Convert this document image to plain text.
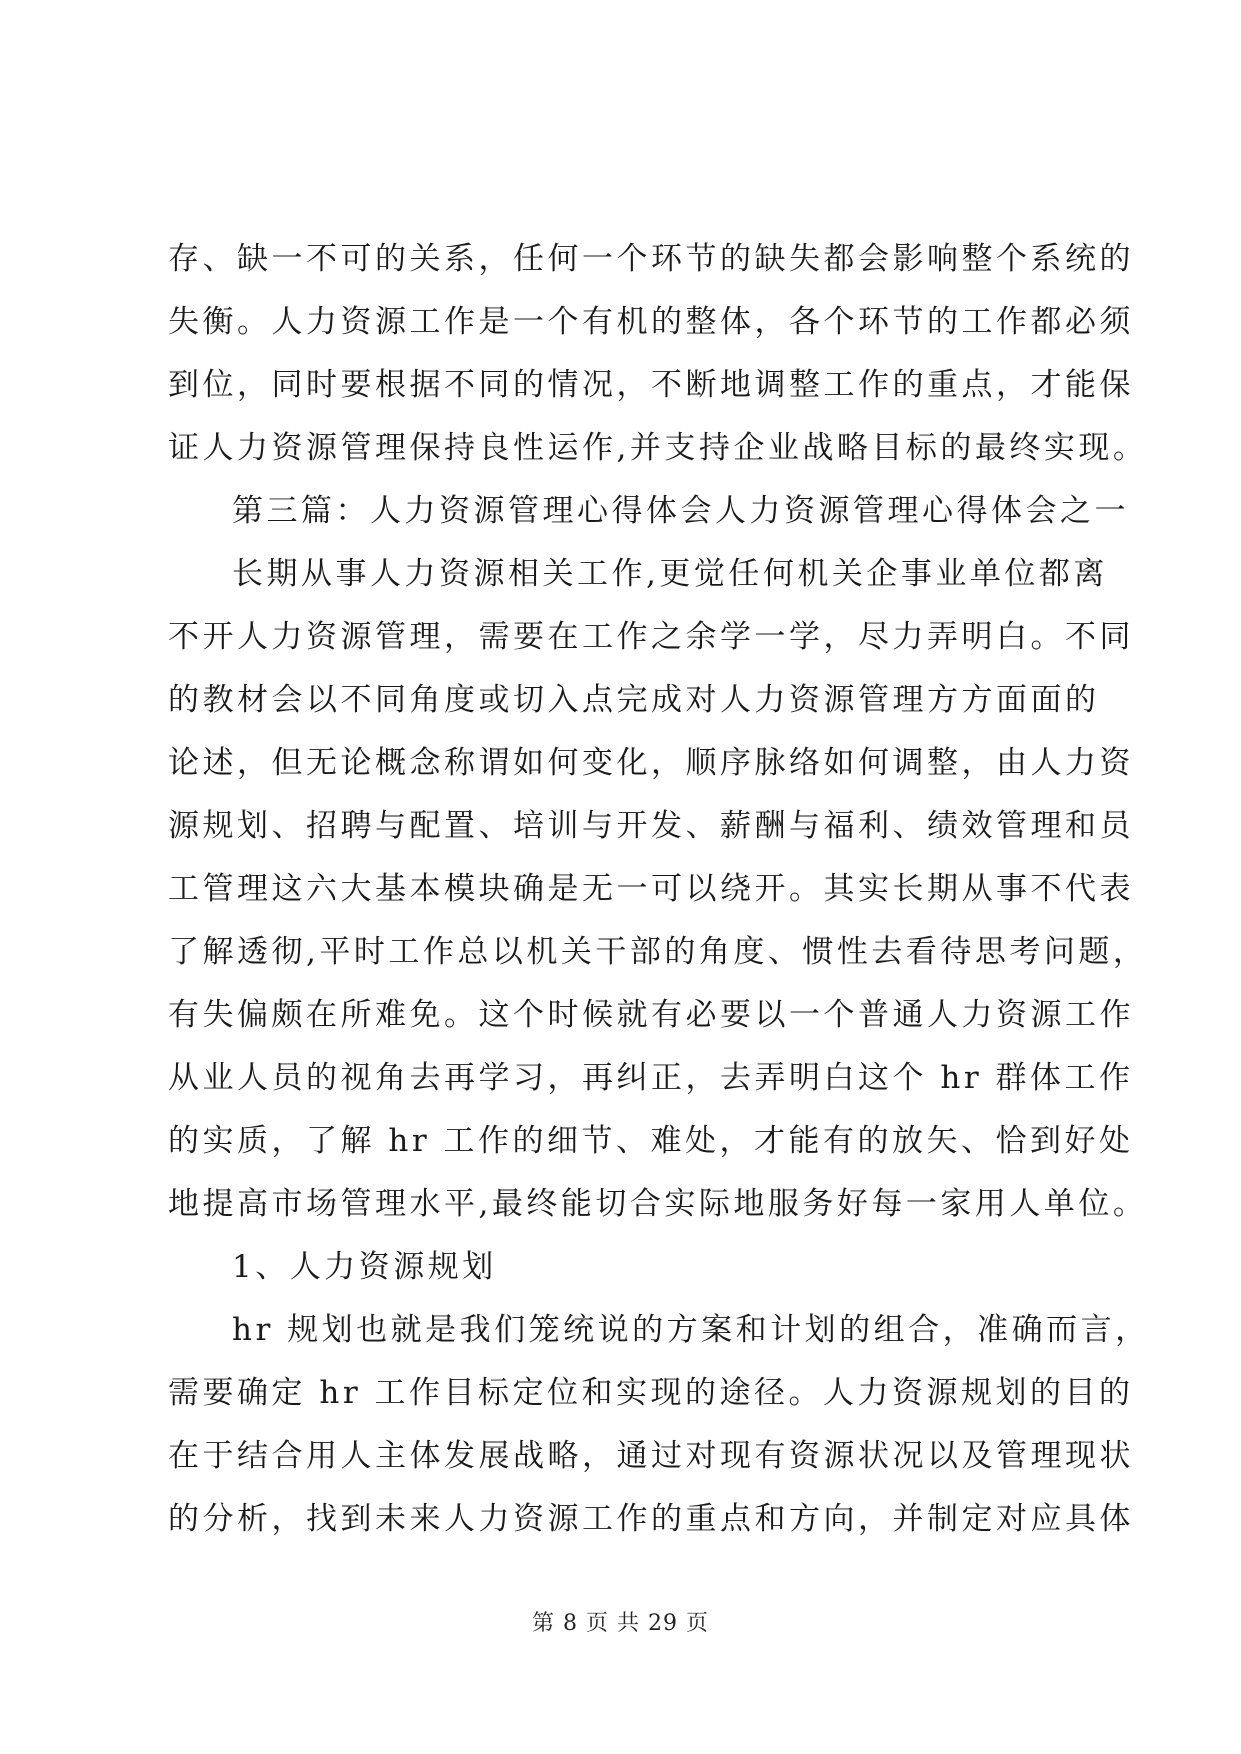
存、缺一不可的关系，任何一个环节的缺失都会影响整个系统的
失衡。人力资源工作是一个有机的整体，各个环节的工作都必须
到位，同时要根据不同的情况，不断地调整工作的重点，才能保
证人力资源管理保持良性运作,并支持企业战略目标的最终实现。
第三篇：人力资源管理心得体会人力资源管理心得体会之一
长期从事人力资源相关工作,更觉任何机关企事业单位都离
不开人力资源管理，需要在工作之余学一学，尽力弄明白。不同
的教材会以不同角度或切入点完成对人力资源管理方方面面的
论述，但无论概念称谓如何变化，顺序脉络如何调整，由人力资
源规划、招聘与配置、培训与开发、薪酬与福利、绩效管理和员
工管理这六大基本模块确是无一可以绕开。其实长期从事不代表
了解透彻,平时工作总以机关干部的角度、惯性去看待思考问题，
有失偏颇在所难免。这个时候就有必要以一个普通人力资源工作
从业人员的视角去再学习，再纠正，去弄明白这个 hr 群体工作
的实质，了解 hr 工作的细节、难处，才能有的放矢、恰到好处
地提高市场管理水平,最终能切合实际地服务好每一家用人单位。
1、人力资源规划
hr 规划也就是我们笼统说的方案和计划的组合，准确而言，
需要确定 hr 工作目标定位和实现的途径。人力资源规划的目的
在于结合用人主体发展战略，通过对现有资源状况以及管理现状
的分析，找到未来人力资源工作的重点和方向，并制定对应具体
第 8 页 共 29 页
